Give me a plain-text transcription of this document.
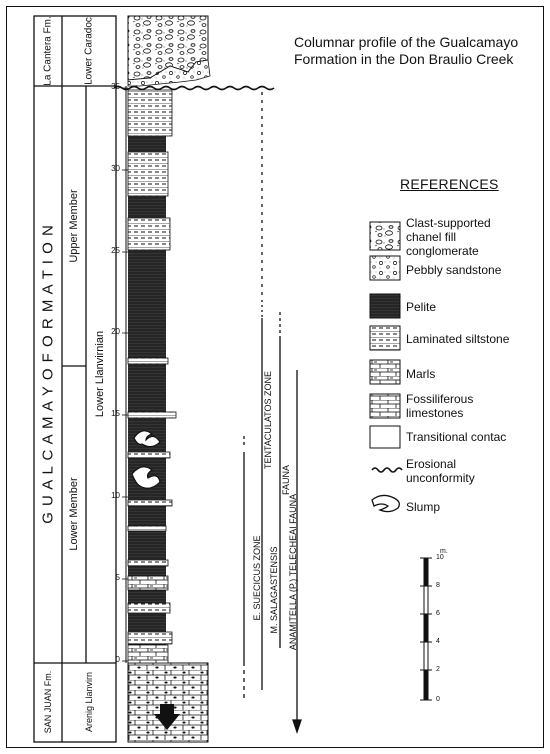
Columnar profile of the Gualcamayo
Formation in the Don Braulio Creek
La Cantera Fm.	Lower Caradoc
G U A L C A M A Y O F O R M A T I O N Upper Member
Lower Member
Lower Llanvirnian
SAN JUAN Fm.	Arenig Llanvirn
35
30
25
20
15
10
5
0
E. SUECICUS ZONE
TENTACULATOS ZONE
M. SALAGASTENSIS
FAUNA
ANAMITELLA (P.) TELECHEAI FAUNA
REFERENCES
Clast-supported
chanel fill
conglomerate
Pebbly sandstone
Pelite
Laminated siltstone
Marls
Fossiliferous
limestones
Transitional contac
Erosional
unconformity
Slump
m.
10
8
6
4
2
0
